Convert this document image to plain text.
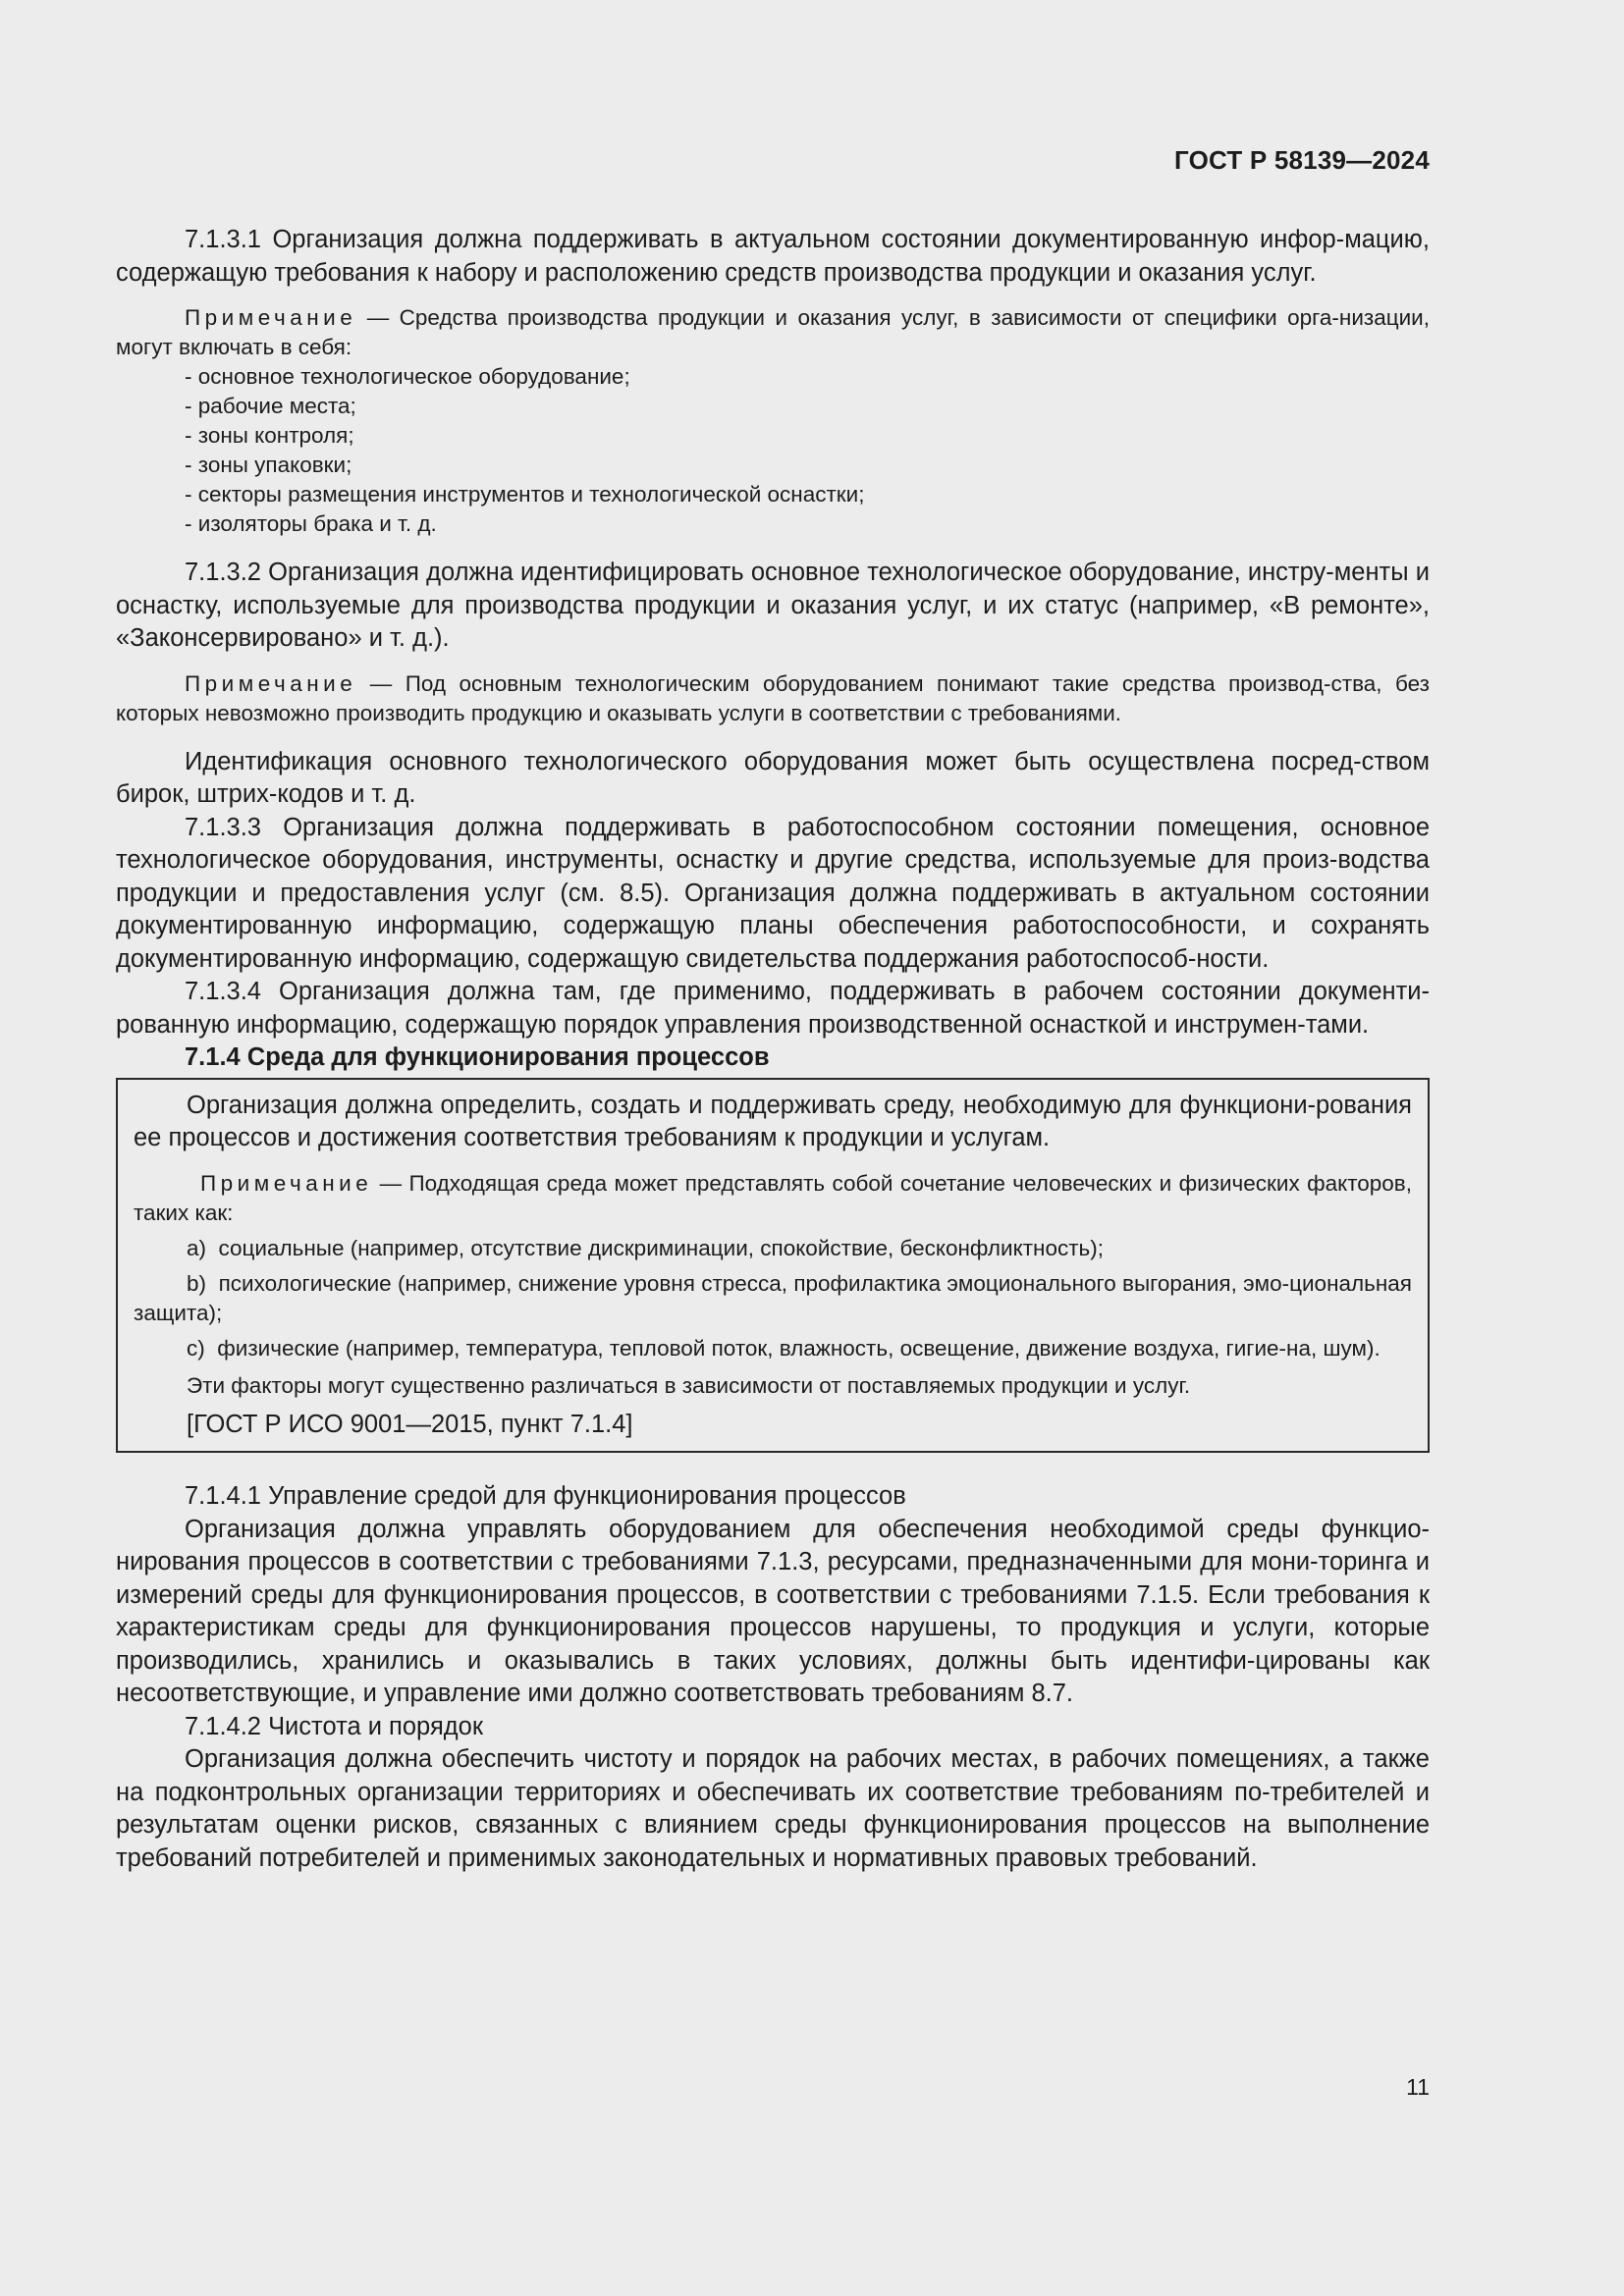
ГОСТ Р 58139—2024

7.1.3.1 Организация должна поддерживать в актуальном состоянии документированную инфор-мацию, содержащую требования к набору и расположению средств производства продукции и оказания услуг.

Примечание — Средства производства продукции и оказания услуг, в зависимости от специфики орга-низации, могут включать в себя:

- основное технологическое оборудование;
- рабочие места;
- зоны контроля;
- зоны упаковки;
- секторы размещения инструментов и технологической оснастки;
- изоляторы брака и т. д.

7.1.3.2 Организация должна идентифицировать основное технологическое оборудование, инстру-менты и оснастку, используемые для производства продукции и оказания услуг, и их статус (например, «В ремонте», «Законсервировано» и т. д.).

Примечание — Под основным технологическим оборудованием понимают такие средства производ-ства, без которых невозможно производить продукцию и оказывать услуги в соответствии с требованиями.

Идентификация основного технологического оборудования может быть осуществлена посред-ством бирок, штрих-кодов и т. д.

7.1.3.3 Организация должна поддерживать в работоспособном состоянии помещения, основное технологическое оборудования, инструменты, оснастку и другие средства, используемые для произ-водства продукции и предоставления услуг (см. 8.5). Организация должна поддерживать в актуальном состоянии документированную информацию, содержащую планы обеспечения работоспособности, и сохранять документированную информацию, содержащую свидетельства поддержания работоспособ-ности.

7.1.3.4 Организация должна там, где применимо, поддерживать в рабочем состоянии документи-рованную информацию, содержащую порядок управления производственной оснасткой и инструмен-тами.

7.1.4 Среда для функционирования процессов

Организация должна определить, создать и поддерживать среду, необходимую для функциони-рования ее процессов и достижения соответствия требованиям к продукции и услугам.

Примечание — Подходящая среда может представлять собой сочетание человеческих и физических факторов, таких как:

a) социальные (например, отсутствие дискриминации, спокойствие, бесконфликтность);

b) психологические (например, снижение уровня стресса, профилактика эмоционального выгорания, эмо-циональная защита);

c) физические (например, температура, тепловой поток, влажность, освещение, движение воздуха, гигие-на, шум).

Эти факторы могут существенно различаться в зависимости от поставляемых продукции и услуг.

[ГОСТ Р ИСО 9001—2015, пункт 7.1.4]

7.1.4.1 Управление средой для функционирования процессов

Организация должна управлять оборудованием для обеспечения необходимой среды функцио-нирования процессов в соответствии с требованиями 7.1.3, ресурсами, предназначенными для мони-торинга и измерений среды для функционирования процессов, в соответствии с требованиями 7.1.5. Если требования к характеристикам среды для функционирования процессов нарушены, то продукция и услуги, которые производились, хранились и оказывались в таких условиях, должны быть идентифи-цированы как несоответствующие, и управление ими должно соответствовать требованиям 8.7.

7.1.4.2 Чистота и порядок

Организация должна обеспечить чистоту и порядок на рабочих местах, в рабочих помещениях, а также на подконтрольных организации территориях и обеспечивать их соответствие требованиям по-требителей и результатам оценки рисков, связанных с влиянием среды функционирования процессов на выполнение требований потребителей и применимых законодательных и нормативных правовых требований.

11
